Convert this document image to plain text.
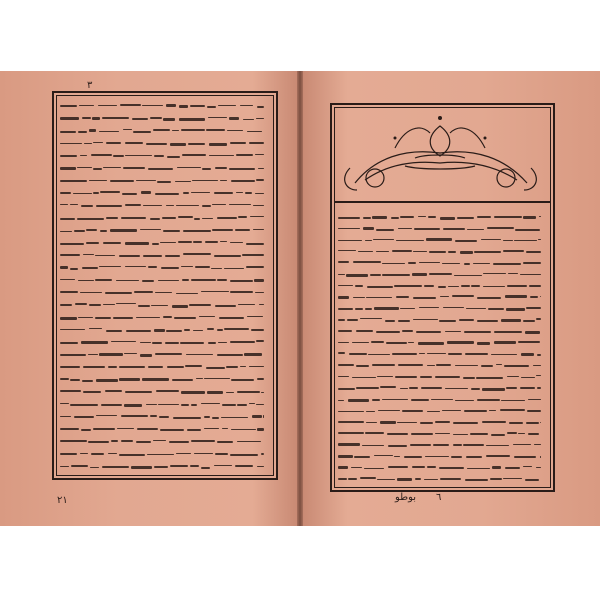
٣
٢١	٦
بوطو
